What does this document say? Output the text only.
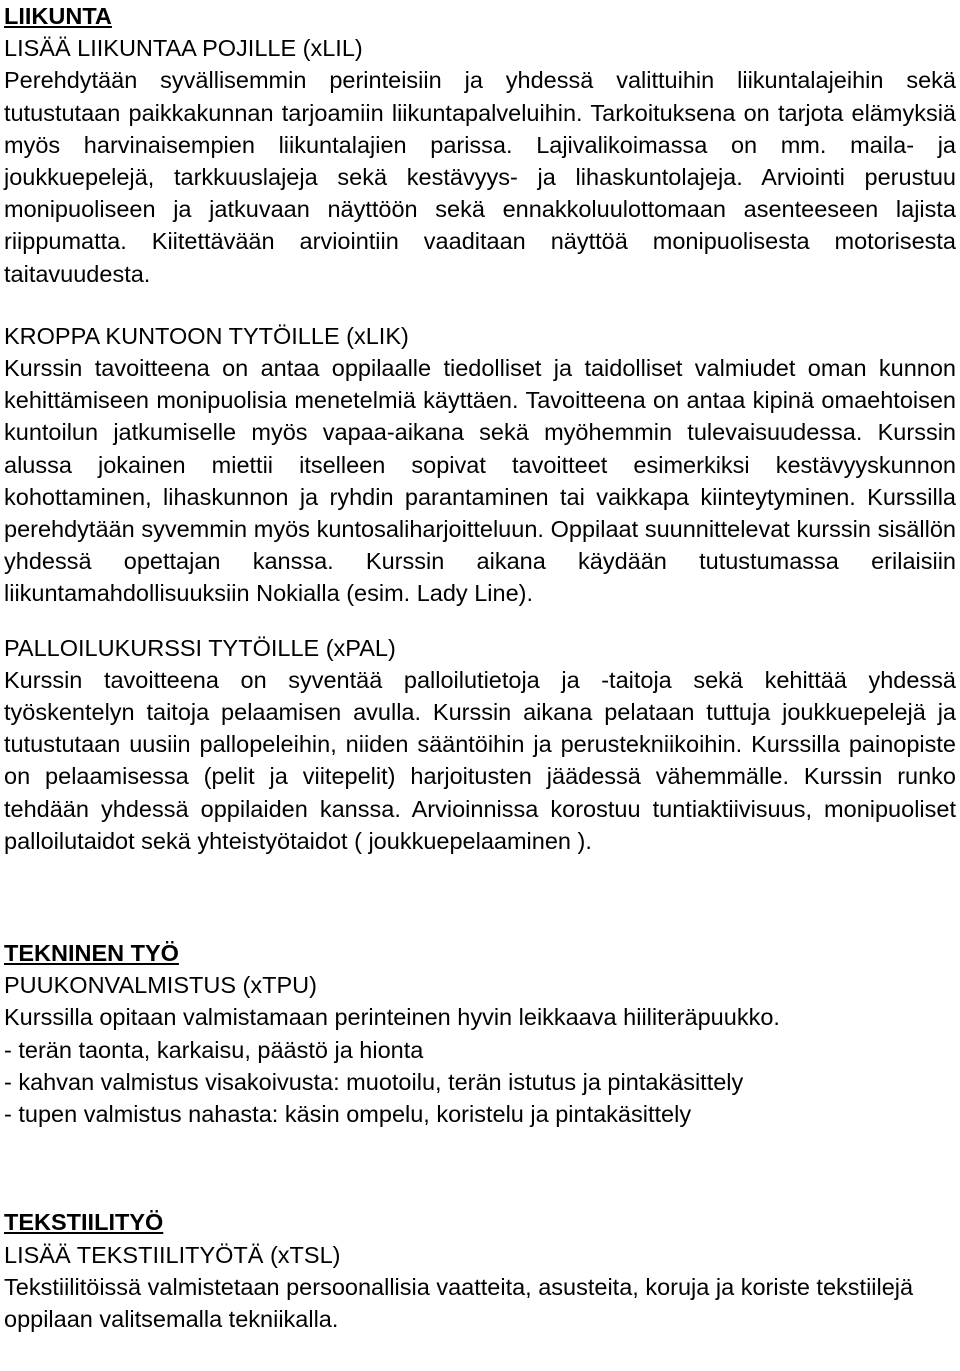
LIIKUNTA

LISÄÄ LIIKUNTAA POJILLE (xLIL)

Perehdytään syvällisemmin perinteisiin ja yhdessä valittuihin liikuntalajeihin sekä tutustutaan paikkakunnan tarjoamiin liikuntapalveluihin. Tarkoituksena on tarjota elämyksiä myös harvinaisempien liikuntalajien parissa. Lajivalikoimassa on mm. maila- ja joukkuepelejä, tarkkuuslajeja sekä kestävyys- ja lihaskuntolajeja. Arviointi perustuu monipuoliseen ja jatkuvaan näyttöön sekä ennakkoluulottomaan asenteeseen lajista riippumatta. Kiitettävään arviointiin vaaditaan näyttöä monipuolisesta motorisesta taitavuudesta.

KROPPA KUNTOON TYTÖILLE (xLIK)

Kurssin tavoitteena on antaa oppilaalle tiedolliset ja taidolliset valmiudet oman kunnon kehittämiseen monipuolisia menetelmiä käyttäen. Tavoitteena on antaa kipinä omaehtoisen kuntoilun jatkumiselle myös vapaa-aikana sekä myöhemmin tulevaisuudessa. Kurssin alussa jokainen miettii itselleen sopivat tavoitteet esimerkiksi kestävyyskunnon kohottaminen, lihaskunnon ja ryhdin parantaminen tai vaikkapa kiinteytyminen. Kurssilla perehdytään syvemmin myös kuntosaliharjoitteluun. Oppilaat suunnittelevat kurssin sisällön yhdessä opettajan kanssa. Kurssin aikana käydään tutustumassa erilaisiin liikuntamahdollisuuksiin Nokialla (esim. Lady Line).

PALLOILUKURSSI TYTÖILLE (xPAL)

Kurssin tavoitteena on syventää palloilutietoja ja -taitoja sekä kehittää yhdessä työskentelyn taitoja pelaamisen avulla. Kurssin aikana pelataan tuttuja joukkuepelejä ja tutustutaan uusiin pallopeleihin, niiden sääntöihin ja perustekniikoihin. Kurssilla painopiste on pelaamisessa (pelit ja viitepelit) harjoitusten jäädessä vähemmälle. Kurssin runko tehdään yhdessä oppilaiden kanssa. Arvioinnissa korostuu tuntiaktiivisuus, monipuoliset palloilutaidot sekä yhteistyötaidot ( joukkuepelaaminen ).

TEKNINEN TYÖ

PUUKONVALMISTUS (xTPU)

Kurssilla opitaan valmistamaan perinteinen hyvin leikkaava hiiliteräpuukko.

- terän taonta, karkaisu, päästö ja hionta
- kahvan valmistus visakoivusta: muotoilu, terän istutus ja pintakäsittely
- tupen valmistus nahasta: käsin ompelu, koristelu ja pintakäsittely
TEKSTIILITYÖ

LISÄÄ TEKSTIILITYÖTÄ (xTSL)

Tekstiilitöissä valmistetaan persoonallisia vaatteita, asusteita, koruja ja koriste tekstiilejä oppilaan valitsemalla tekniikalla.
